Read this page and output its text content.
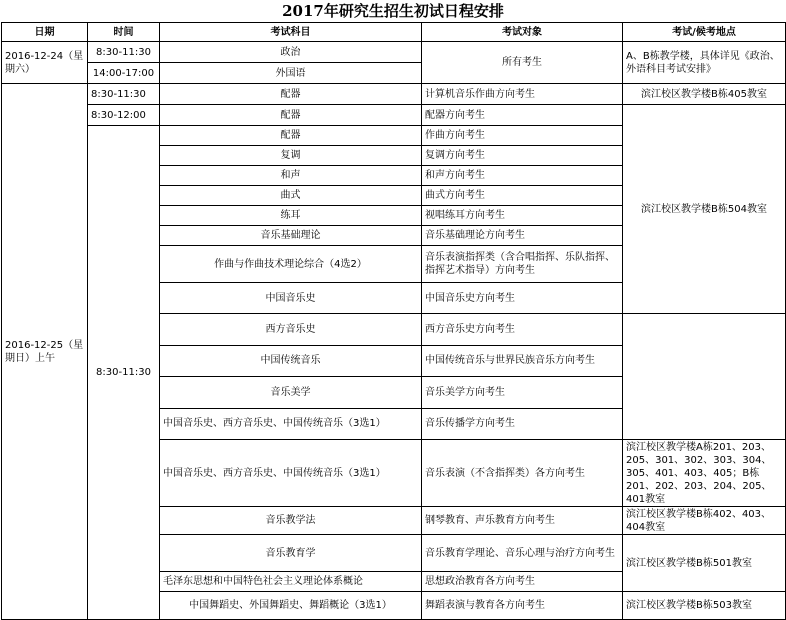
2017年研究生招生初试日程安排
日期	时间	考试科目	考试对象	考试/候考地点	
2016-12-24（星期六）	8:30-11:30	政治	所有考生	A、B栋教学楼，具体详见《政治、外语科目考试安排》	
	14:00-17:00	外国语			
2016-12-25（星期日）上午	8:30-11:30	配器	计算机音乐作曲方向考生	滨江校区教学楼B栋405教室	
	8:30-12:00	配器	配器方向考生	滨江校区教学楼B栋504教室	
	8:30-11:30	配器	作曲方向考生		
		复调	复调方向考生		
		和声	和声方向考生		
		曲式	曲式方向考生		
		练耳	视唱练耳方向考生		
		音乐基础理论	音乐基础理论方向考生		
		作曲与作曲技术理论综合（4选2）	音乐表演指挥类（含合唱指挥、乐队指挥、指挥艺术指导）方向考生		
		中国音乐史	中国音乐史方向考生	
		西方音乐史	西方音乐史方向考生		
		中国传统音乐	中国传统音乐与世界民族音乐方向考生		
		音乐美学	音乐美学方向考生		
		中国音乐史、西方音乐史、中国传统音乐（3选1）	音乐传播学方向考生		
		中国音乐史、西方音乐史、中国传统音乐（3选1）	音乐表演（不含指挥类）各方向考生	滨江校区教学楼A栋201、203、205、301、302、303、304、305、401、403、405；B栋201、202、203、204、205、401教室	
		音乐教学法	钢琴教育、声乐教育方向考生	滨江校区教学楼B栋402、403、404教室	
		音乐教育学	音乐教育学理论、音乐心理与治疗方向考生	滨江校区教学楼B栋501教室	
		毛泽东思想和中国特色社会主义理论体系概论	思想政治教育各方向考生		
		中国舞蹈史、外国舞蹈史、舞蹈概论（3选1）	舞蹈表演与教育各方向考生	滨江校区教学楼B栋503教室	
